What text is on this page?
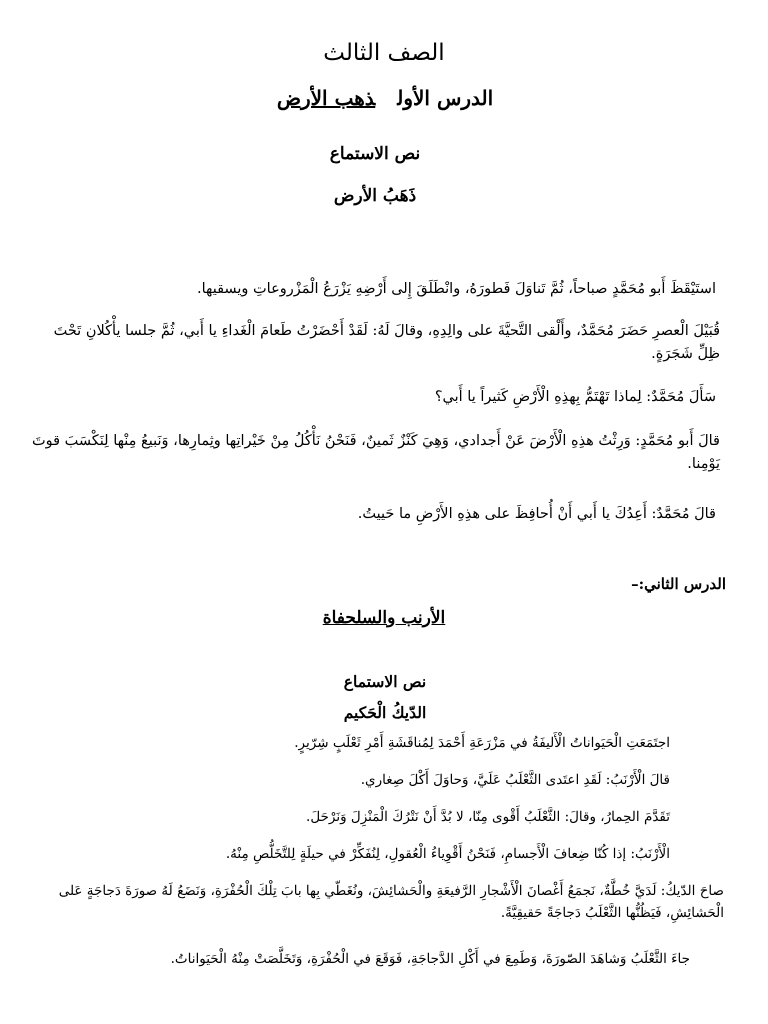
الصف الثالث
الدرس الأولذهب الأرض
نص الاستماع
ذَهَبُ الأرض
استَيْقَظَ أَبو مُحَمَّدٍ صباحاً، ثُمَّ تَناوَلَ فَطورَهُ، وانْطَلَقَ إِلى أَرْضِهِ يَزْرَعُ الْمَزْروعاتِ ويسقيها.
قُبَيْلَ الْعصرِ حَضَرَ مُحَمَّدٌ، وأَلْقى التَّحيَّةَ على والِدِهِ، وقالَ لَهُ: لَقَدْ أَحْضَرْتُ طَعامَ الْغَداءِ يا أَبي، ثُمَّ جلسا يأْكُلانِ تَحْتَ ظِلِّ شَجَرَةٍ.
سَأَلَ مُحَمَّدٌ: لِماذا تَهْتَمُّ بِهذِهِ الْأَرْضِ كَثيراً يا أَبي؟
قالَ أَبو مُحَمَّدٍ: وَرِثْتُ هذِهِ الْأَرْضَ عَنْ أَجدادي، وَهِيَ كَنْزٌ ثَمينٌ، فَنَحْنُ نَأْكُلُ مِنْ خَيْراتِها وثِمارِها، وَنَبيعُ مِنْها لِنَكْسَبَ قوتَ يَوْمِنا.
قالَ مُحَمَّدٌ: أَعِدُكَ يا أَبي أَنْ أُحافِظَ على هذِهِ الأَرْضِ ما حَييتُ.
الدرس الثاني:–
الأرنب والسلحفاة
نص الاستماع
الدّيكُ الْحَكيم
اجتَمَعَتِ الْحَيَواناتُ الْأَليفَةُ في مَزْرَعَةِ أَحْمَدَ لِمُناقَشَةِ أَمْرِ ثَعْلَبٍ شِرّيرٍ.
قالَ الْأَرْنَبُ: لَقَدِ اعتَدى الثَّعْلَبُ عَلَيَّ، وَحاوَلَ أَكْلَ صِغاري.
تَقَدَّمَ الحِمارُ، وقالَ: الثَّعْلَبُ أَقْوى مِنّا، لا بُدَّ أَنْ نَتْرُكَ الْمَنْزِلَ وَنَرْحَلَ.
الْأَرْنَبُ: إذا كُنّا ضِعافَ الْأَجسامِ، فَنَحْنُ أَقْوِياءُ الْعُقولِ، لِنُفَكِّرْ في حيلَةٍ لِلتَّخَلُّصِ مِنْهُ.
صاحَ الدّيكُ: لَدَيَّ خُطَّةٌ، نَجمَعُ أَغْصانَ الْأَشْجارِ الرَّفيعَةِ والْحَشائِشَ، ونُغَطّي بِها بابَ تِلْكَ الْحُفْرَةِ، وَنَضَعُ لَهُ صورَةَ دَجاجَةٍ عَلى الْحَشائِشِ، فَيَظُنُّها الثَّعْلَبُ دَجاجَةً حَقيقِيَّةً.
جاءَ الثَّعْلَبُ وَشاهَدَ الصّورَةَ، وَطَمِعَ في أَكْلِ الدَّجاجَةِ، فَوَقَعَ في الْحُفْرَةِ، وَتَخَلَّصَتْ مِنْهُ الْحَيَواناتُ.
